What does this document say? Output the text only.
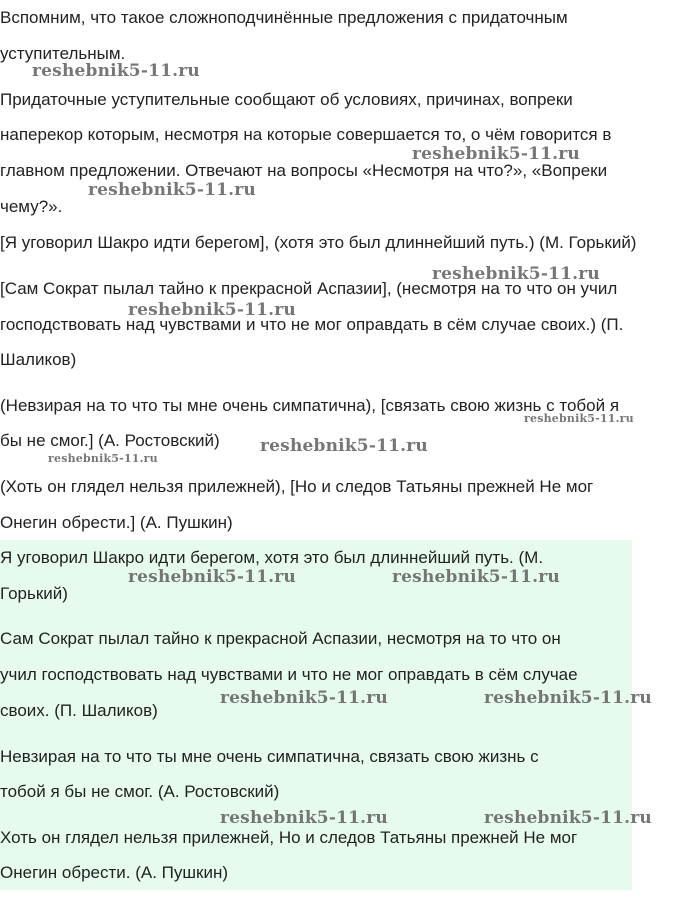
Вспомним, что такое сложноподчинённые предложения с придаточным
уступительным.
Придаточные уступительные сообщают об условиях, причинах, вопреки
наперекор которым, несмотря на которые совершается то, о чём говорится в
главном предложении. Отвечают на вопросы «Несмотря на что?», «Вопреки
чему?».
[Я уговорил Шакро идти берегом], (хотя это был длиннейший путь.) (М. Горький)
[Сам Сократ пылал тайно к прекрасной Аспазии], (несмотря на то что он учил
господствовать над чувствами и что не мог оправдать в сём случае своих.) (П.
Шаликов)
(Невзирая на то что ты мне очень симпатична), [связать свою жизнь с тобой я
бы не смог.] (А. Ростовский)
(Хоть он глядел нельзя прилежней), [Но и следов Татьяны прежней Не мог
Онегин обрести.] (А. Пушкин)
Я уговорил Шакро идти берегом, хотя это был длиннейший путь. (М.
Горький)
Сам Сократ пылал тайно к прекрасной Аспазии, несмотря на то что он
учил господствовать над чувствами и что не мог оправдать в сём случае
своих. (П. Шаликов)
Невзирая на то что ты мне очень симпатична, связать свою жизнь с
тобой я бы не смог. (А. Ростовский)
Хоть он глядел нельзя прилежней, Но и следов Татьяны прежней Не мог
Онегин обрести. (А. Пушкин)
reshebnik5-11.ru
reshebnik5-11.ru
reshebnik5-11.ru
reshebnik5-11.ru
reshebnik5-11.ru
reshebnik5-11.ru
reshebnik5-11.ru
reshebnik5-11.ru
reshebnik5-11.ru	reshebnik5-11.ru
reshebnik5-11.ru	reshebnik5-11.ru
reshebnik5-11.ru	reshebnik5-11.ru
